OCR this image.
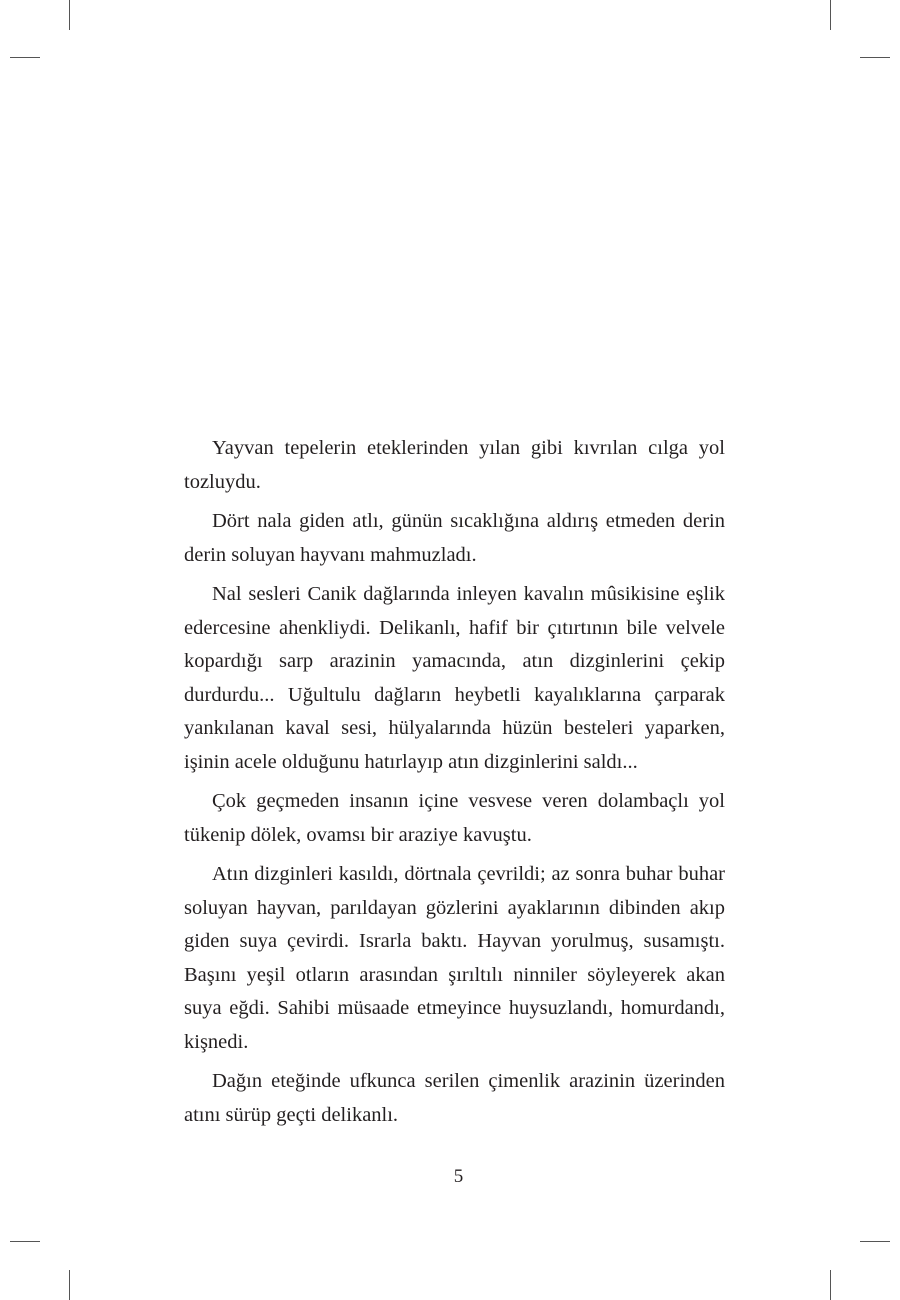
Yayvan tepelerin eteklerinden yılan gibi kıvrılan cılga yol tozluydu.

Dört nala giden atlı, günün sıcaklığına aldırış etmeden derin derin soluyan hayvanı mahmuzladı.

Nal sesleri Canik dağlarında inleyen kavalın mûsikisine eşlik edercesine ahenkliydi. Delikanlı, hafif bir çıtırtının bile velvele kopardığı sarp arazinin yamacında, atın dizginlerini çekip durdurdu... Uğultulu dağların heybetli kayalıklarına çarparak yankılanan kaval sesi, hülyalarında hüzün besteleri yaparken, işinin acele olduğunu hatırlayıp atın dizginlerini saldı...

Çok geçmeden insanın içine vesvese veren dolambaçlı yol tükenip dölek, ovamsı bir araziye kavuştu.

Atın dizginleri kasıldı, dörtnala çevrildi; az sonra buhar buhar soluyan hayvan, parıldayan gözlerini ayaklarının dibinden akıp giden suya çevirdi. Israrla baktı. Hayvan yorulmuş, susamıştı. Başını yeşil otların arasından şırıltılı ninniler söyleyerek akan suya eğdi. Sahibi müsaade etmeyince huysuzlandı, homurdandı, kişnedi.

Dağın eteğinde ufkunca serilen çimenlik arazinin üzerinden atını sürüp geçti delikanlı.

5
